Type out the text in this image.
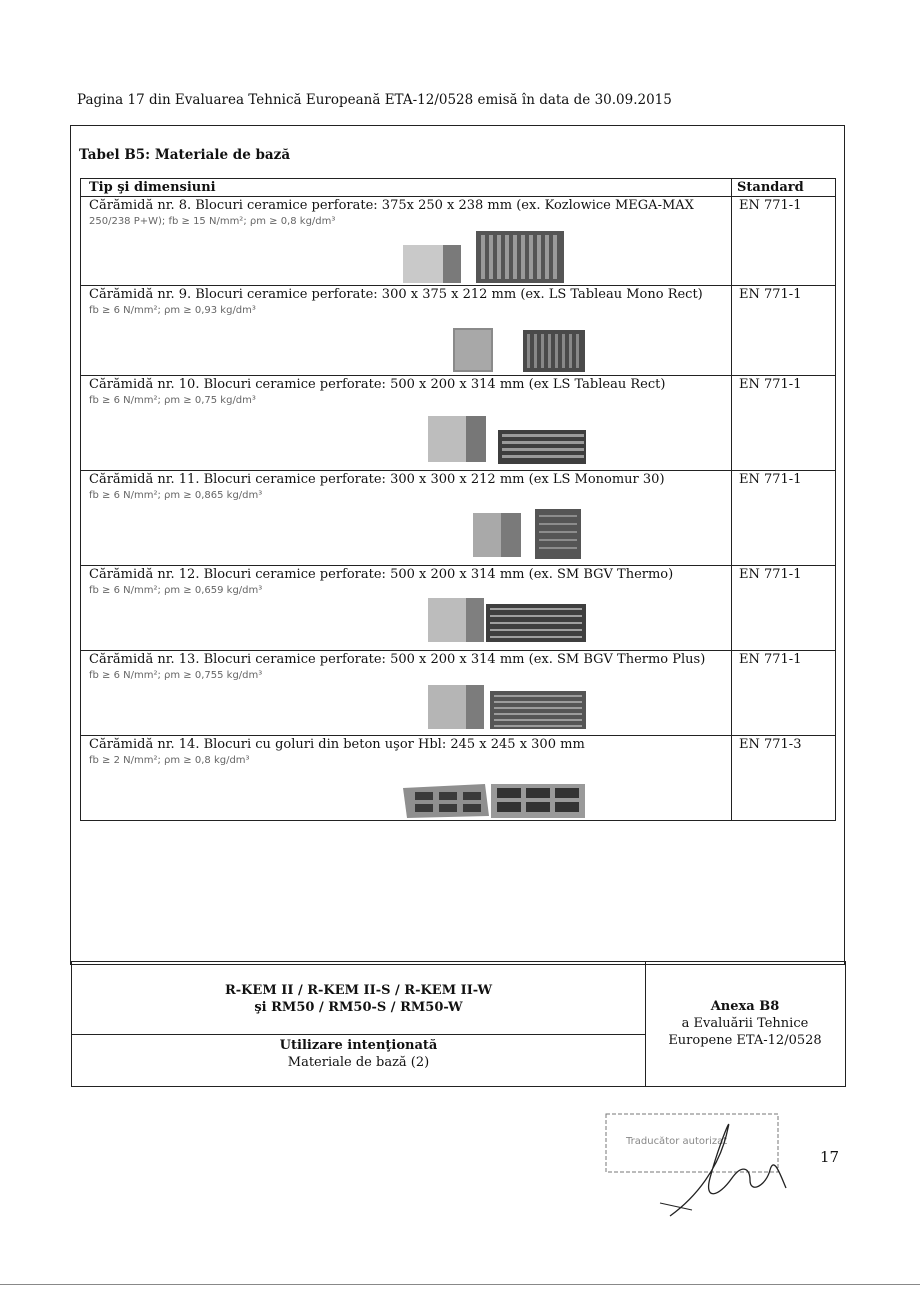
Pagina 17 din Evaluarea Tehnică Europeană ETA-12/0528 emisă în data de 30.09.2015
Tabel B5: Materiale de bază
Tip şi dimensiuni	Standard
Cărămidă nr. 8. Blocuri ceramice perforate: 375x 250 x 238 mm (ex. Kozlowice MEGA-MAX
250/238 P+W); fb ≥ 15 N/mm²; ρm ≥ 0,8 kg/dm³
EN 771-1
Cărămidă nr. 9. Blocuri ceramice perforate: 300 x 375 x 212 mm (ex. LS Tableau Mono Rect)
fb ≥ 6 N/mm²; ρm ≥ 0,93 kg/dm³
EN 771-1
Cărămidă nr. 10. Blocuri ceramice perforate: 500 x 200 x 314 mm (ex LS Tableau Rect)
fb ≥ 6 N/mm²; ρm ≥ 0,75 kg/dm³
EN 771-1
Cărămidă nr. 11. Blocuri ceramice perforate: 300 x 300 x 212 mm (ex LS Monomur 30)
fb ≥ 6 N/mm²; ρm ≥ 0,865 kg/dm³
EN 771-1
Cărămidă nr. 12. Blocuri ceramice perforate: 500 x 200 x 314 mm (ex. SM BGV Thermo)
fb ≥ 6 N/mm²; ρm ≥ 0,659 kg/dm³
EN 771-1
Cărămidă nr. 13. Blocuri ceramice perforate: 500 x 200 x 314 mm (ex. SM BGV Thermo Plus)
fb ≥ 6 N/mm²; ρm ≥ 0,755 kg/dm³
EN 771-1
Cărămidă nr. 14. Blocuri cu goluri din beton uşor Hbl: 245 x 245 x 300 mm
fb ≥ 2 N/mm²; ρm ≥ 0,8 kg/dm³
EN 771-3
R-KEM II / R-KEM II-S / R-KEM II-W
şi RM50 / RM50-S / RM50-W
Utilizare intenţionată
Materiale de bază (2)
Anexa B8
a Evaluării Tehnice
Europene ETA-12/0528
Traducător autorizat
17
